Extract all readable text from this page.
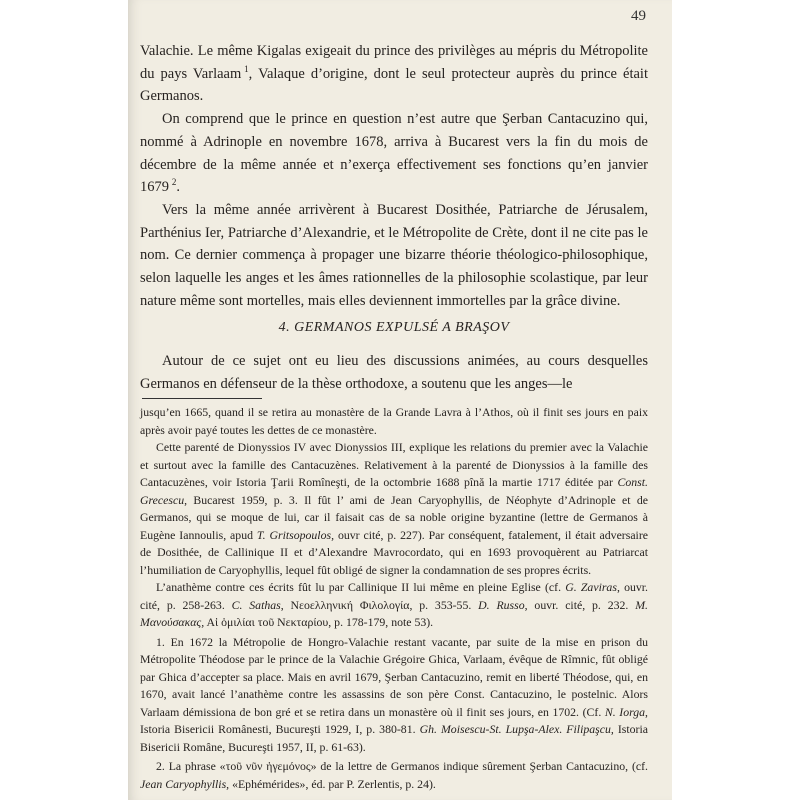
49

Valachie. Le même Kigalas exigeait du prince des privilèges au mépris du Métropolite du pays Varlaam  $^1$, Valaque d’origine, dont le seul protecteur auprès du prince était Germanos.

On comprend que le prince en question n’est autre que Şerban Cantacuzino qui, nommé à Adrinople en novembre 1678, arriva à Bucarest vers la fin du mois de décembre de la même année et n’exerça effectivement ses fonctions qu’en janvier 1679  $^2$.

Vers la même année arrivèrent à Bucarest Dosithée, Patriarche de Jérusalem, Parthénius Ier, Patriarche d’Alexandrie, et le Métropolite de Crète, dont il ne cite pas le nom. Ce dernier commença à propager une bizarre théorie théologico-philosophique, selon laquelle les anges et les âmes rationnelles de la philosophie scolastique, par leur nature même sont mortelles, mais elles deviennent immortelles par la grâce divine.

4. GERMANOS EXPULSÉ A BRAŞOV

Autour de ce sujet ont eu lieu des discussions animées, au cours desquelles Germanos en défenseur de la thèse orthodoxe, a soutenu que les anges—le

jusqu’en 1665, quand il se retira au monastère de la Grande Lavra à l’Athos, où il finit ses jours en paix après avoir payé toutes les dettes de ce monastère.

Cette parenté de Dionyssios IV avec Dionyssios III, explique les relations du premier avec la Valachie et surtout avec la famille des Cantacuzènes. Relativement à la parenté de Dionyssios à la famille des Cantacuzènes, voir Istoria Ţarii Romîneşti, de la octombrie 1688 pînă la martie 1717 éditée par Const. Grecescu, Bucarest 1959, p. 3. Il fût l’ ami de Jean Caryophyllis, de Néophyte d’Adrinople et de Germanos, qui se moque de lui, car il faisait cas de sa noble origine byzantine (lettre de Germanos à Eugène Iannoulis, apud T. Gritsopoulos, ouvr cité, p. 227). Par conséquent, fatalement, il était adversaire de Dosithée, de Callinique II et d’Alexandre Mavrocordato, qui en 1693 provoquèrent au Patriarcat l’humiliation de Caryophyllis, lequel fût obligé de signer la condamnation de ses propres écrits.

L’anathème contre ces écrits fût lu par Callinique II lui même en pleine Eglise (cf. G. Zaviras, ouvr. cité, p. 258-263. C. Sathas, Νεοελληνική Φιλολογία, p. 353-55. D. Russo, ouvr. cité, p. 232. M. Μανούσακας, Αἱ ὁμιλίαι τοῦ Νεκταρίου, p. 178-179, note 53).

1. En 1672 la Métropolie de Hongro-Valachie restant vacante, par suite de la mise en prison du Métropolite Théodose par le prince de la Valachie Grégoire Ghica, Varlaam, évêque de Rîmnic, fût obligé par Ghica d’accepter sa place. Mais en avril 1679, Şerban Cantacuzino, remit en liberté Théodose, qui, en 1670, avait lancé l’anathème contre les assassins de son père Const. Cantacuzino, le postelnic. Alors Varlaam démissiona de bon gré et se retira dans un monastère où il finit ses jours, en 1702. (Cf. N. Iorga, Istoria Bisericii Românesti, Bucureşti 1929, I, p. 380-81. Gh. Moisescu-St. Lupşa-Alex. Filipaşcu, Istoria Bisericii Române, Bucureşti 1957, II, p. 61-63).

2. La phrase «τοῦ νῦν ἡγεμόνος» de la lettre de Germanos indique sûrement Şerban Cantacuzino, (cf. Jean Caryophyllis, «Ephémérides», éd. par P. Zerlentis, p. 24).
